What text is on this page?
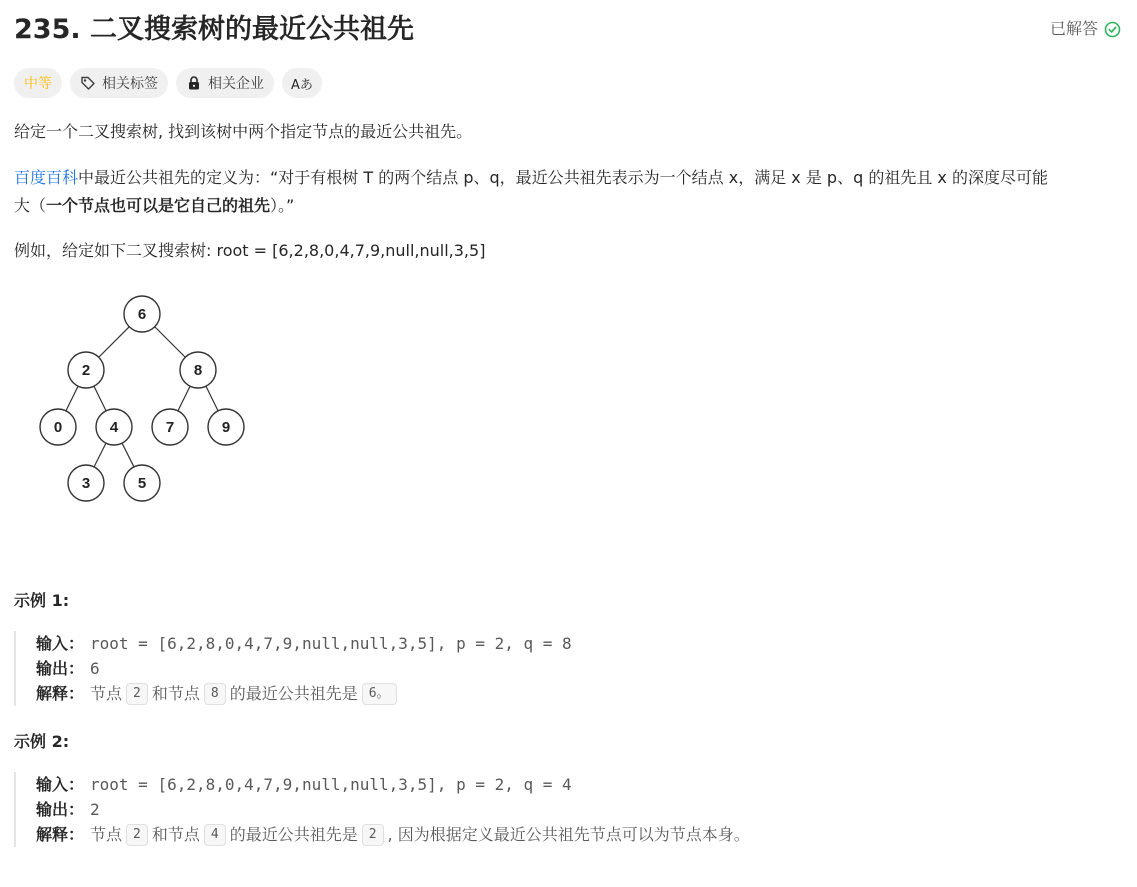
235. 二叉搜索树的最近公共祖先	已解答
中等	相关标签	相关企业 Aあ
给定一个二叉搜索树, 找到该树中两个指定节点的最近公共祖先。
百度百科中最近公共祖先的定义为：“对于有根树 T 的两个结点 p、q，最近公共祖先表示为一个结点 x，满足 x 是 p、q 的祖先且 x 的深度尽可能
大（一个节点也可以是它自己的祖先）。”
例如，给定如下二叉搜索树: root = [6,2,8,0,4,7,9,null,null,3,5]
6
2	8
0	4	7	9
3	5
示例 1:
输入： root = [6,2,8,0,4,7,9,null,null,3,5], p = 2, q = 8
输出： 6
解释： 节点 2 和节点 8 的最近公共祖先是 6。
示例 2:
输入： root = [6,2,8,0,4,7,9,null,null,3,5], p = 2, q = 4
输出： 2
解释： 节点 2 和节点 4 的最近公共祖先是 2 , 因为根据定义最近公共祖先节点可以为节点本身。
